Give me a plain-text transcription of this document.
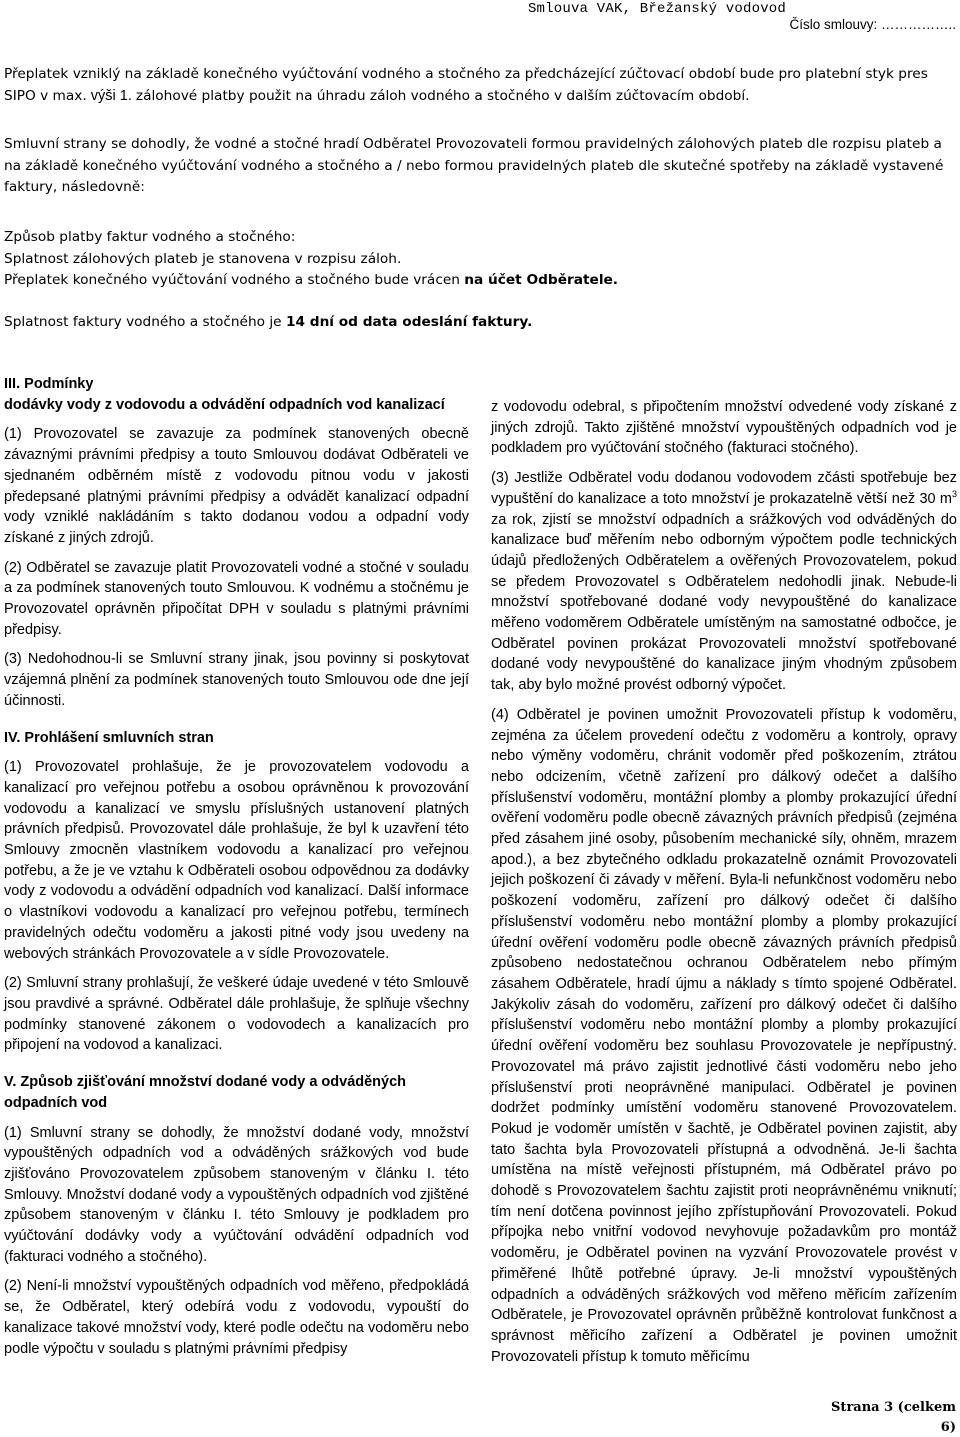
Smlouva VAK, Břežanský vodovod
Číslo smlouvy: ……………..
Přeplatek vzniklý na základě konečného vyúčtování vodného a stočného za předcházející zúčtovací období bude pro platební styk pres SIPO v max. výši 1. zálohové platby použit na úhradu záloh vodného a stočného v dalším zúčtovacím období.
Smluvní strany se dohodly, že vodné a stočné hradí Odběratel Provozovateli formou pravidelných zálohových plateb dle rozpisu plateb a na základě konečného vyúčtování vodného a stočného a / nebo formou pravidelných plateb dle skutečné spotřeby na základě vystavené faktury, následovně:
Způsob platby faktur vodného a stočného:
Splatnost zálohových plateb je stanovena v rozpisu záloh.
Přeplatek konečného vyúčtování vodného a stočného bude vrácen na účet Odběratele.
Splatnost faktury vodného a stočného je 14 dní od data odeslání faktury.

III. Podmínky

dodávky vody z vodovodu a odvádění odpadních vod kanalizací

(1) Provozovatel se zavazuje za podmínek stanovených obecně závaznými právními předpisy a touto Smlouvou dodávat Odběrateli ve sjednaném odběrném místě z vodovodu pitnou vodu v jakosti předepsané platnými právními předpisy a odvádět kanalizací odpadní vody vzniklé nakládáním s takto dodanou vodou a odpadní vody získané z jiných zdrojů.

(2) Odběratel se zavazuje platit Provozovateli vodné a stočné v souladu a za podmínek stanovených touto Smlouvou. K vodnému a stočnému je Provozovatel oprávněn připočítat DPH v souladu s platnými právními předpisy.

(3) Nedohodnou-li se Smluvní strany jinak, jsou povinny si poskytovat vzájemná plnění za podmínek stanovených touto Smlouvou ode dne její účinnosti.

IV. Prohlášení smluvních stran

(1) Provozovatel prohlašuje, že je provozovatelem vodovodu a kanalizací pro veřejnou potřebu a osobou oprávněnou k provozování vodovodu a kanalizací ve smyslu příslušných ustanovení platných právních předpisů. Provozovatel dále prohlašuje, že byl k uzavření této Smlouvy zmocněn vlastníkem vodovodu a kanalizací pro veřejnou potřebu, a že je ve vztahu k Odběrateli osobou odpovědnou za dodávky vody z vodovodu a odvádění odpadních vod kanalizací. Další informace o vlastníkovi vodovodu a kanalizací pro veřejnou potřebu, termínech pravidelných odečtu vodoměru a jakosti pitné vody jsou uvedeny na webových stránkách Provozovatele a v sídle Provozovatele.

(2) Smluvní strany prohlašují, že veškeré údaje uvedené v této Smlouvě jsou pravdivé a správné. Odběratel dále prohlašuje, že splňuje všechny podmínky stanovené zákonem o vodovodech a kanalizacích pro připojení na vodovod a kanalizaci.

V. Způsob zjišťování množství dodané vody a odváděných odpadních vod

(1) Smluvní strany se dohodly, že množství dodané vody, množství vypouštěných odpadních vod a odváděných srážkových vod bude zjišťováno Provozovatelem způsobem stanoveným v článku I. této Smlouvy. Množství dodané vody a vypouštěných odpadních vod zjištěné způsobem stanoveným v článku I. této Smlouvy je podkladem pro vyúčtování dodávky vody a vyúčtování odvádění odpadních vod (fakturaci vodného a stočného).

(2) Není-li množství vypouštěných odpadních vod měřeno, předpokládá se, že Odběratel, který odebírá vodu z vodovodu, vypouští do kanalizace takové množství vody, které podle odečtu na vodoměru nebo podle výpočtu v souladu s platnými právními předpisy

z vodovodu odebral, s připočtením množství odvedené vody získané z jiných zdrojů. Takto zjištěné množství vypouštěných odpadních vod je podkladem pro vyúčtování stočného (fakturaci stočného).

(3) Jestliže Odběratel vodu dodanou vodovodem zčásti spotřebuje bez vypuštění do kanalizace a toto množství je prokazatelně větší než 30 $m^3$ za rok, zjistí se množství odpadních a srážkových vod odváděných do kanalizace buď měřením nebo odborným výpočtem podle technických údajů předložených Odběratelem a ověřených Provozovatelem, pokud se předem Provozovatel s Odběratelem nedohodli jinak. Nebude-li množství spotřebované dodané vody nevypouštěné do kanalizace měřeno vodoměrem Odběratele umístěným na samostatné odbočce, je Odběratel povinen prokázat Provozovateli množství spotřebované dodané vody nevypouštěné do kanalizace jiným vhodným způsobem tak, aby bylo možné provést odborný výpočet.

(4) Odběratel je povinen umožnit Provozovateli přístup k vodoměru, zejména za účelem provedení odečtu z vodoměru a kontroly, opravy nebo výměny vodoměru, chránit vodoměr před poškozením, ztrátou nebo odcizením, včetně zařízení pro dálkový odečet a dalšího příslušenství vodoměru, montážní plomby a plomby prokazující úřední ověření vodoměru podle obecně závazných právních předpisů (zejména před zásahem jiné osoby, působením mechanické síly, ohněm, mrazem apod.), a bez zbytečného odkladu prokazatelně oznámit Provozovateli jejich poškození či závady v měření. Byla-li nefunkčnost vodoměru nebo poškození vodoměru, zařízení pro dálkový odečet či dalšího příslušenství vodoměru nebo montážní plomby a plomby prokazující úřední ověření vodoměru podle obecně závazných právních předpisů způsobeno nedostatečnou ochranou Odběratelem nebo přímým zásahem Odběratele, hradí újmu a náklady s tímto spojené Odběratel. Jakýkoliv zásah do vodoměru, zařízení pro dálkový odečet či dalšího příslušenství vodoměru nebo montážní plomby a plomby prokazující úřední ověření vodoměru bez souhlasu Provozovatele je nepřípustný. Provozovatel má právo zajistit jednotlivé části vodoměru nebo jeho příslušenství proti neoprávněné manipulaci. Odběratel je povinen dodržet podmínky umístění vodoměru stanovené Provozovatelem. Pokud je vodoměr umístěn v šachtě, je Odběratel povinen zajistit, aby tato šachta byla Provozovateli přístupná a odvodněná. Je-li šachta umístěna na místě veřejnosti přístupném, má Odběratel právo po dohodě s Provozovatelem šachtu zajistit proti neoprávněnému vniknutí; tím není dotčena povinnost jejího zpřístupňování Provozovateli. Pokud přípojka nebo vnitřní vodovod nevyhovuje požadavkům pro montáž vodoměru, je Odběratel povinen na vyzvání Provozovatele provést v přiměřené lhůtě potřebné úpravy. Je-li množství vypouštěných odpadních a odváděných srážkových vod měřeno měřicím zařízením Odběratele, je Provozovatel oprávněn průběžně kontrolovat funkčnost a správnost měřicího zařízení a Odběratel je povinen umožnit Provozovateli přístup k tomuto měřicímu

Strana 3 (celkem
6)
